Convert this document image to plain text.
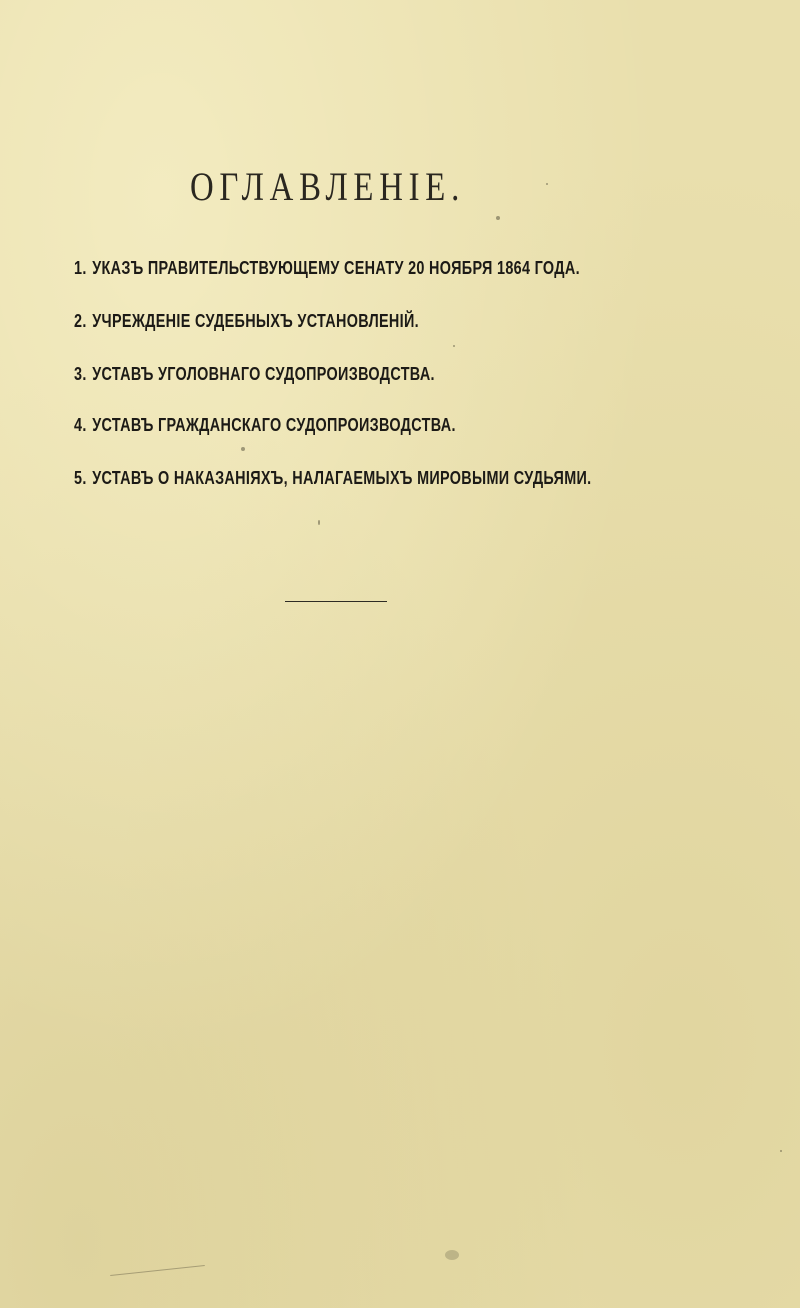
ОГЛАВЛЕНІЕ.
1. УКАЗЪ ПРАВИТЕЛЬСТВУЮЩЕМУ СЕНАТУ 20 НОЯБРЯ 1864 ГОДА.
2. УЧРЕЖДЕНІЕ СУДЕБНЫХЪ УСТАНОВЛЕНІЙ.
3. УСТАВЪ УГОЛОВНАГО СУДОПРОИЗВОДСТВА.
4. УСТАВЪ ГРАЖДАНСКАГО СУДОПРОИЗВОДСТВА.
5. УСТАВЪ О НАКАЗАНІЯХЪ, НАЛАГАЕМЫХЪ МИРОВЫМИ СУДЬЯМИ.
